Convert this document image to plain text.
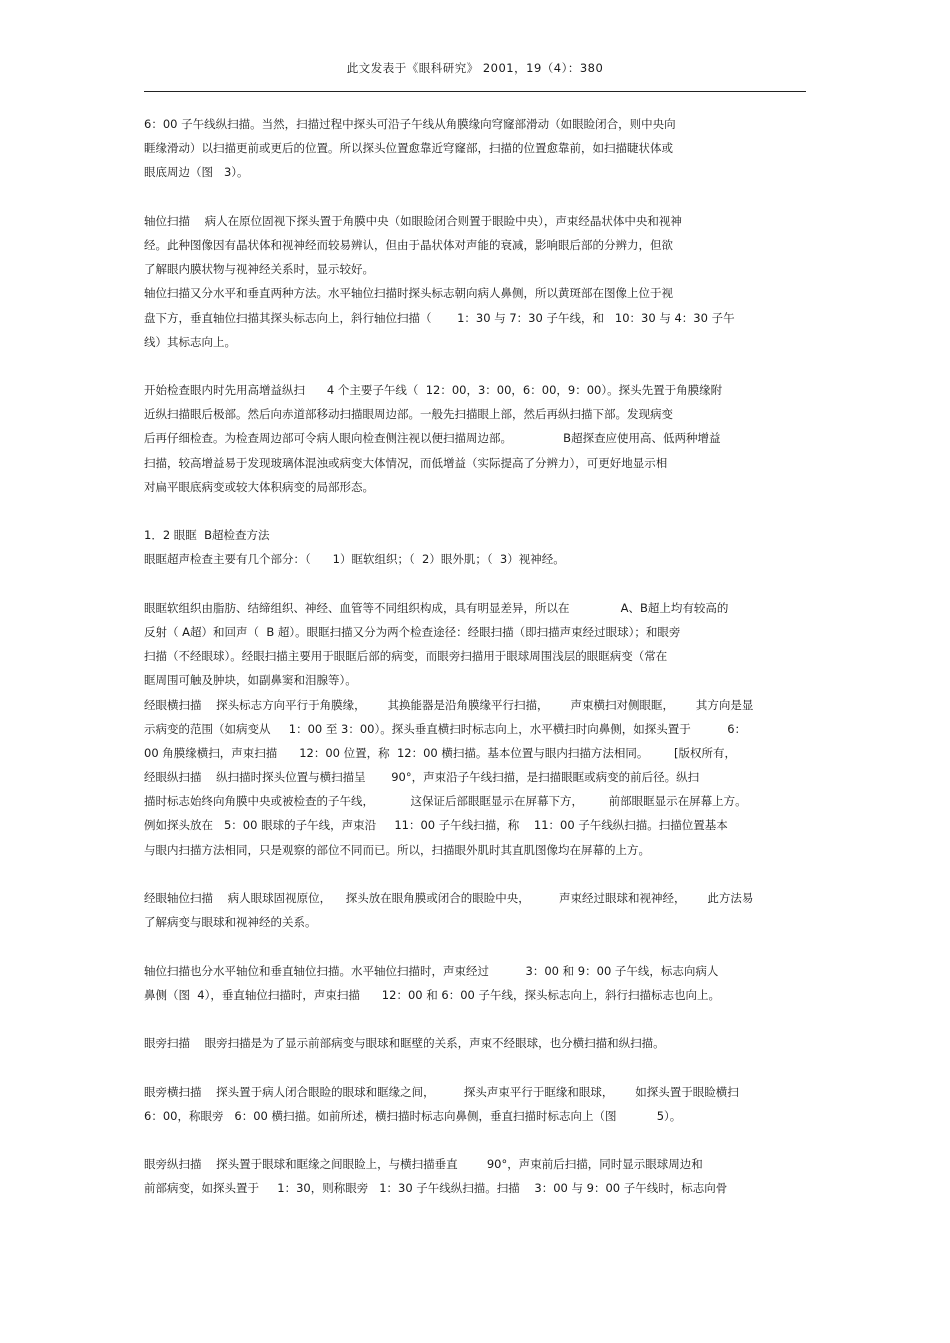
此文发表于《眼科研究》 2001，19（4）：380
6：00 子午线纵扫描。当然，扫描过程中探头可沿子午线从角膜缘向穹窿部滑动（如眼睑闭合，则中央向
睚缘滑动）以扫描更前或更后的位置。所以探头位置愈靠近穹窿部，扫描的位置愈靠前，如扫描睫状体或
眼底周边（图   3）。
轴位扫描    病人在原位固视下探头置于角膜中央（如眼睑闭合则置于眼睑中央），声束经晶状体中央和视神
经。此种图像因有晶状体和视神经而较易辨认，但由于晶状体对声能的衰减，影响眼后部的分辨力，但欲
了解眼内膜状物与视神经关系时，显示较好。
轴位扫描又分水平和垂直两种方法。水平轴位扫描时探头标志朝向病人鼻侧，所以黄斑部在图像上位于视
盘下方，垂直轴位扫描其探头标志向上，斜行轴位扫描（       1：30 与 7：30 子午线，和   10：30 与 4：30 子午
线）其标志向上。
开始检查眼内时先用高增益纵扫      4 个主要子午线（  12：00，3：00，6：00，9：00）。探头先置于角膜缘附
近纵扫描眼后极部。然后向赤道部移动扫描眼周边部。一般先扫描眼上部，然后再纵扫描下部。发现病变
后再仔细检查。为检查周边部可令病人眼向检查侧注视以便扫描周边部。              B超探查应使用高、低两种增益
扫描，较高增益易于发现玻璃体混浊或病变大体情况，而低增益（实际提高了分辨力），可更好地显示相
对扁平眼底病变或较大体积病变的局部形态。
1．2 眼眶  B超检查方法
眼眶超声检查主要有几个部分：（      1）眶软组织；（  2）眼外肌；（  3）视神经。
眼眶软组织由脂肪、结缔组织、神经、血管等不同组织构成，具有明显差异，所以在              A、B超上均有较高的
反射（ A超）和回声（  B 超）。眼眶扫描又分为两个检查途径：经眼扫描（即扫描声束经过眼球）；和眼旁
扫描（不经眼球）。经眼扫描主要用于眼眶后部的病变，而眼旁扫描用于眼球周围浅层的眼眶病变（常在
眶周围可触及肿块，如副鼻窦和泪腺等）。
经眼横扫描    探头标志方向平行于角膜缘，      其换能器是沿角膜缘平行扫描，      声束横扫对侧眼眶，      其方向是显
示病变的范围（如病变从     1：00 至 3：00）。探头垂直横扫时标志向上，水平横扫时向鼻侧，如探头置于          6：
00 角膜缘横扫，声束扫描      12：00 位置，称  12：00 横扫描。基本位置与眼内扫描方法相同。       [版权所有，
经眼纵扫描    纵扫描时探头位置与横扫描呈       90°，声束沿子午线扫描，是扫描眼眶或病变的前后径。纵扫
描时标志始终向角膜中央或被检查的子午线，          这保证后部眼眶显示在屏幕下方，       前部眼眶显示在屏幕上方。
例如探头放在   5：00 眼球的子午线，声束沿     11：00 子午线扫描，称    11：00 子午线纵扫描。扫描位置基本
与眼内扫描方法相同，只是观察的部位不同而已。所以，扫描眼外肌时其直肌图像均在屏幕的上方。
经眼轴位扫描    病人眼球固视原位，    探头放在眼角膜或闭合的眼睑中央，        声束经过眼球和视神经，      此方法易
了解病变与眼球和视神经的关系。
轴位扫描也分水平轴位和垂直轴位扫描。水平轴位扫描时，声束经过          3：00 和 9：00 子午线，标志向病人
鼻侧（图  4），垂直轴位扫描时，声束扫描      12：00 和 6：00 子午线，探头标志向上，斜行扫描标志也向上。
眼旁扫描    眼旁扫描是为了显示前部病变与眼球和眶壁的关系，声束不经眼球，也分横扫描和纵扫描。
眼旁横扫描    探头置于病人闭合眼睑的眼球和眶缘之间，        探头声束平行于眶缘和眼球，      如探头置于眼睑横扫
6：00，称眼旁   6：00 横扫描。如前所述，横扫描时标志向鼻侧，垂直扫描时标志向上（图           5）。
眼旁纵扫描    探头置于眼球和眶缘之间眼睑上，与横扫描垂直        90°，声束前后扫描，同时显示眼球周边和
前部病变，如探头置于     1：30，则称眼旁   1：30 子午线纵扫描。扫描    3：00 与 9：00 子午线时，标志向骨
